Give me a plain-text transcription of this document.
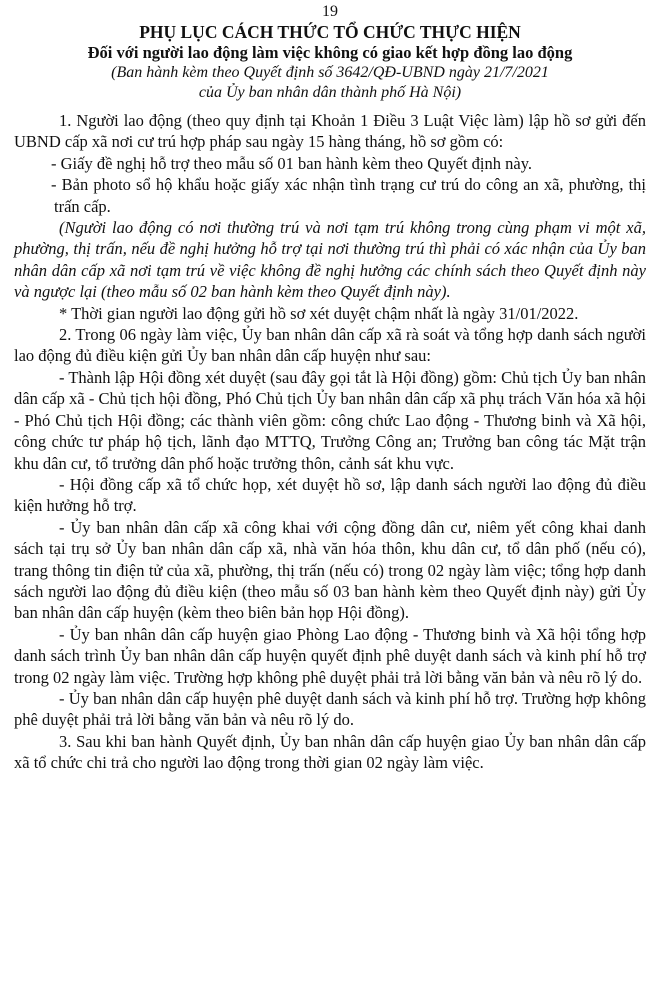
19
PHỤ LỤC CÁCH THỨC TỔ CHỨC THỰC HIỆN
Đối với người lao động làm việc không có giao kết hợp đồng lao động
(Ban hành kèm theo Quyết định số 3642/QĐ-UBND ngày 21/7/2021
của Ủy ban nhân dân thành phố Hà Nội)

1. Người lao động (theo quy định tại Khoản 1 Điều 3 Luật Việc làm) lập hồ sơ gửi đến UBND cấp xã nơi cư trú hợp pháp sau ngày 15 hàng tháng, hồ sơ gồm có:

- Giấy đề nghị hỗ trợ theo mẫu số 01 ban hành kèm theo Quyết định này.

- Bản photo sổ hộ khẩu hoặc giấy xác nhận tình trạng cư trú do công an xã, phường, thị trấn cấp.

(Người lao động có nơi thường trú và nơi tạm trú không trong cùng phạm vi một xã, phường, thị trấn, nếu đề nghị hưởng hỗ trợ tại nơi thường trú thì phải có xác nhận của Ủy ban nhân dân cấp xã nơi tạm trú về việc không đề nghị hưởng các chính sách theo Quyết định này và ngược lại (theo mẫu số 02 ban hành kèm theo Quyết định này).

* Thời gian người lao động gửi hồ sơ xét duyệt chậm nhất là ngày 31/01/2022.

2. Trong 06 ngày làm việc, Ủy ban nhân dân cấp xã rà soát và tổng hợp danh sách người lao động đủ điều kiện gửi Ủy ban nhân dân cấp huyện như sau:

- Thành lập Hội đồng xét duyệt (sau đây gọi tắt là Hội đồng) gồm: Chủ tịch Ủy ban nhân dân cấp xã - Chủ tịch hội đồng, Phó Chủ tịch Ủy ban nhân dân cấp xã phụ trách Văn hóa xã hội - Phó Chủ tịch Hội đồng; các thành viên gồm: công chức Lao động - Thương binh và Xã hội, công chức tư pháp hộ tịch, lãnh đạo MTTQ, Trưởng Công an; Trưởng ban công tác Mặt trận khu dân cư, tổ trưởng dân phố hoặc trưởng thôn, cảnh sát khu vực.

- Hội đồng cấp xã tổ chức họp, xét duyệt hồ sơ, lập danh sách người lao động đủ điều kiện hưởng hỗ trợ.

- Ủy ban nhân dân cấp xã công khai với cộng đồng dân cư, niêm yết công khai danh sách tại trụ sở Ủy ban nhân dân cấp xã, nhà văn hóa thôn, khu dân cư, tổ dân phố (nếu có), trang thông tin điện tử của xã, phường, thị trấn (nếu có) trong 02 ngày làm việc; tổng hợp danh sách người lao động đủ điều kiện (theo mẫu số 03 ban hành kèm theo Quyết định này) gửi Ủy ban nhân dân cấp huyện (kèm theo biên bản họp Hội đồng).

- Ủy ban nhân dân cấp huyện giao Phòng Lao động - Thương binh và Xã hội tổng hợp danh sách trình Ủy ban nhân dân cấp huyện quyết định phê duyệt danh sách và kinh phí hỗ trợ trong 02 ngày làm việc. Trường hợp không phê duyệt phải trả lời bằng văn bản và nêu rõ lý do.

- Ủy ban nhân dân cấp huyện phê duyệt danh sách và kinh phí hỗ trợ. Trường hợp không phê duyệt phải trả lời bằng văn bản và nêu rõ lý do.

3. Sau khi ban hành Quyết định, Ủy ban nhân dân cấp huyện giao Ủy ban nhân dân cấp xã tổ chức chi trả cho người lao động trong thời gian 02 ngày làm việc.
